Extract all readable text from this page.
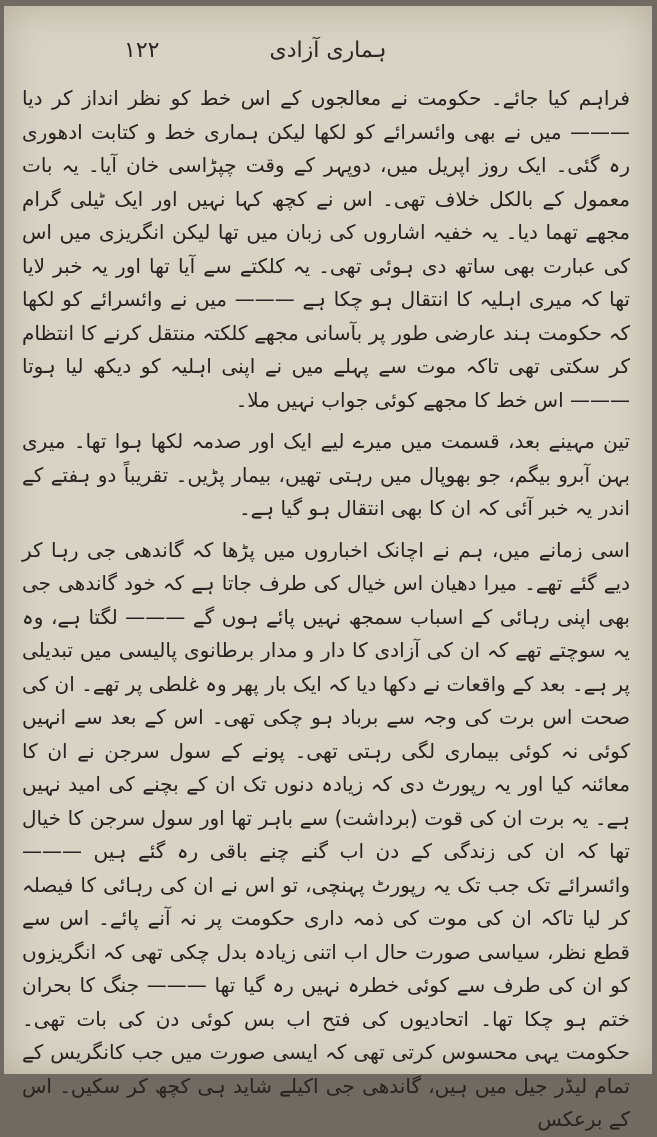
۱۲۲	ہماری آزادی

فراہم کیا جائے۔ حکومت نے معالجوں کے اس خط کو نظر انداز کر دیا ——— میں نے بھی وائسرائے کو لکھا لیکن ہماری خط و کتابت ادھوری رہ گئی۔ ایک روز اپریل میں، دوپہر کے وقت چپڑاسی خان آیا۔ یہ بات معمول کے بالکل خلاف تھی۔ اس نے کچھ کہا نہیں اور ایک ٹیلی گرام مجھے تھما دیا۔ یہ خفیہ اشاروں کی زبان میں تھا لیکن انگریزی میں اس کی عبارت بھی ساتھ دی ہوئی تھی۔ یہ کلکتے سے آیا تھا اور یہ خبر لایا تھا کہ میری اہلیہ کا انتقال ہو چکا ہے ——— میں نے وائسرائے کو لکھا کہ حکومت ہند عارضی طور پر بآسانی مجھے کلکتہ منتقل کرنے کا انتظام کر سکتی تھی تاکہ موت سے پہلے میں نے اپنی اہلیہ کو دیکھ لیا ہوتا ——— اس خط کا مجھے کوئی جواب نہیں ملا۔

تین مہینے بعد، قسمت میں میرے لیے ایک اور صدمہ لکھا ہوا تھا۔ میری بہن آبرو بیگم، جو بھوپال میں رہتی تھیں، بیمار پڑیں۔ تقریباً دو ہفتے کے اندر یہ خبر آئی کہ ان کا بھی انتقال ہو گیا ہے۔

اسی زمانے میں، ہم نے اچانک اخباروں میں پڑھا کہ گاندھی جی رہا کر دیے گئے تھے۔ میرا دھیان اس خیال کی طرف جاتا ہے کہ خود گاندھی جی بھی اپنی رہائی کے اسباب سمجھ نہیں پائے ہوں گے ——— لگتا ہے، وہ یہ سوچتے تھے کہ ان کی آزادی کا دار و مدار برطانوی پالیسی میں تبدیلی پر ہے۔ بعد کے واقعات نے دکھا دیا کہ ایک بار پھر وہ غلطی پر تھے۔ ان کی صحت اس برت کی وجہ سے برباد ہو چکی تھی۔ اس کے بعد سے انہیں کوئی نہ کوئی بیماری لگی رہتی تھی۔ پونے کے سول سرجن نے ان کا معائنہ کیا اور یہ رپورٹ دی کہ زیادہ دنوں تک ان کے بچنے کی امید نہیں ہے۔ یہ برت ان کی قوت (برداشت) سے باہر تھا اور سول سرجن کا خیال تھا کہ ان کی زندگی کے دن اب گنے چنے باقی رہ گئے ہیں ——— وائسرائے تک جب تک یہ رپورٹ پہنچی، تو اس نے ان کی رہائی کا فیصلہ کر لیا تاکہ ان کی موت کی ذمہ داری حکومت پر نہ آنے پائے۔ اس سے قطع نظر، سیاسی صورت حال اب اتنی زیادہ بدل چکی تھی کہ انگریزوں کو ان کی طرف سے کوئی خطرہ نہیں رہ گیا تھا ——— جنگ کا بحران ختم ہو چکا تھا۔ اتحادیوں کی فتح اب بس کوئی دن کی بات تھی۔ حکومت یہی محسوس کرتی تھی کہ ایسی صورت میں جب کانگریس کے تمام لیڈر جیل میں ہیں، گاندھی جی اکیلے شاید ہی کچھ کر سکیں۔ اس کے برعکس
